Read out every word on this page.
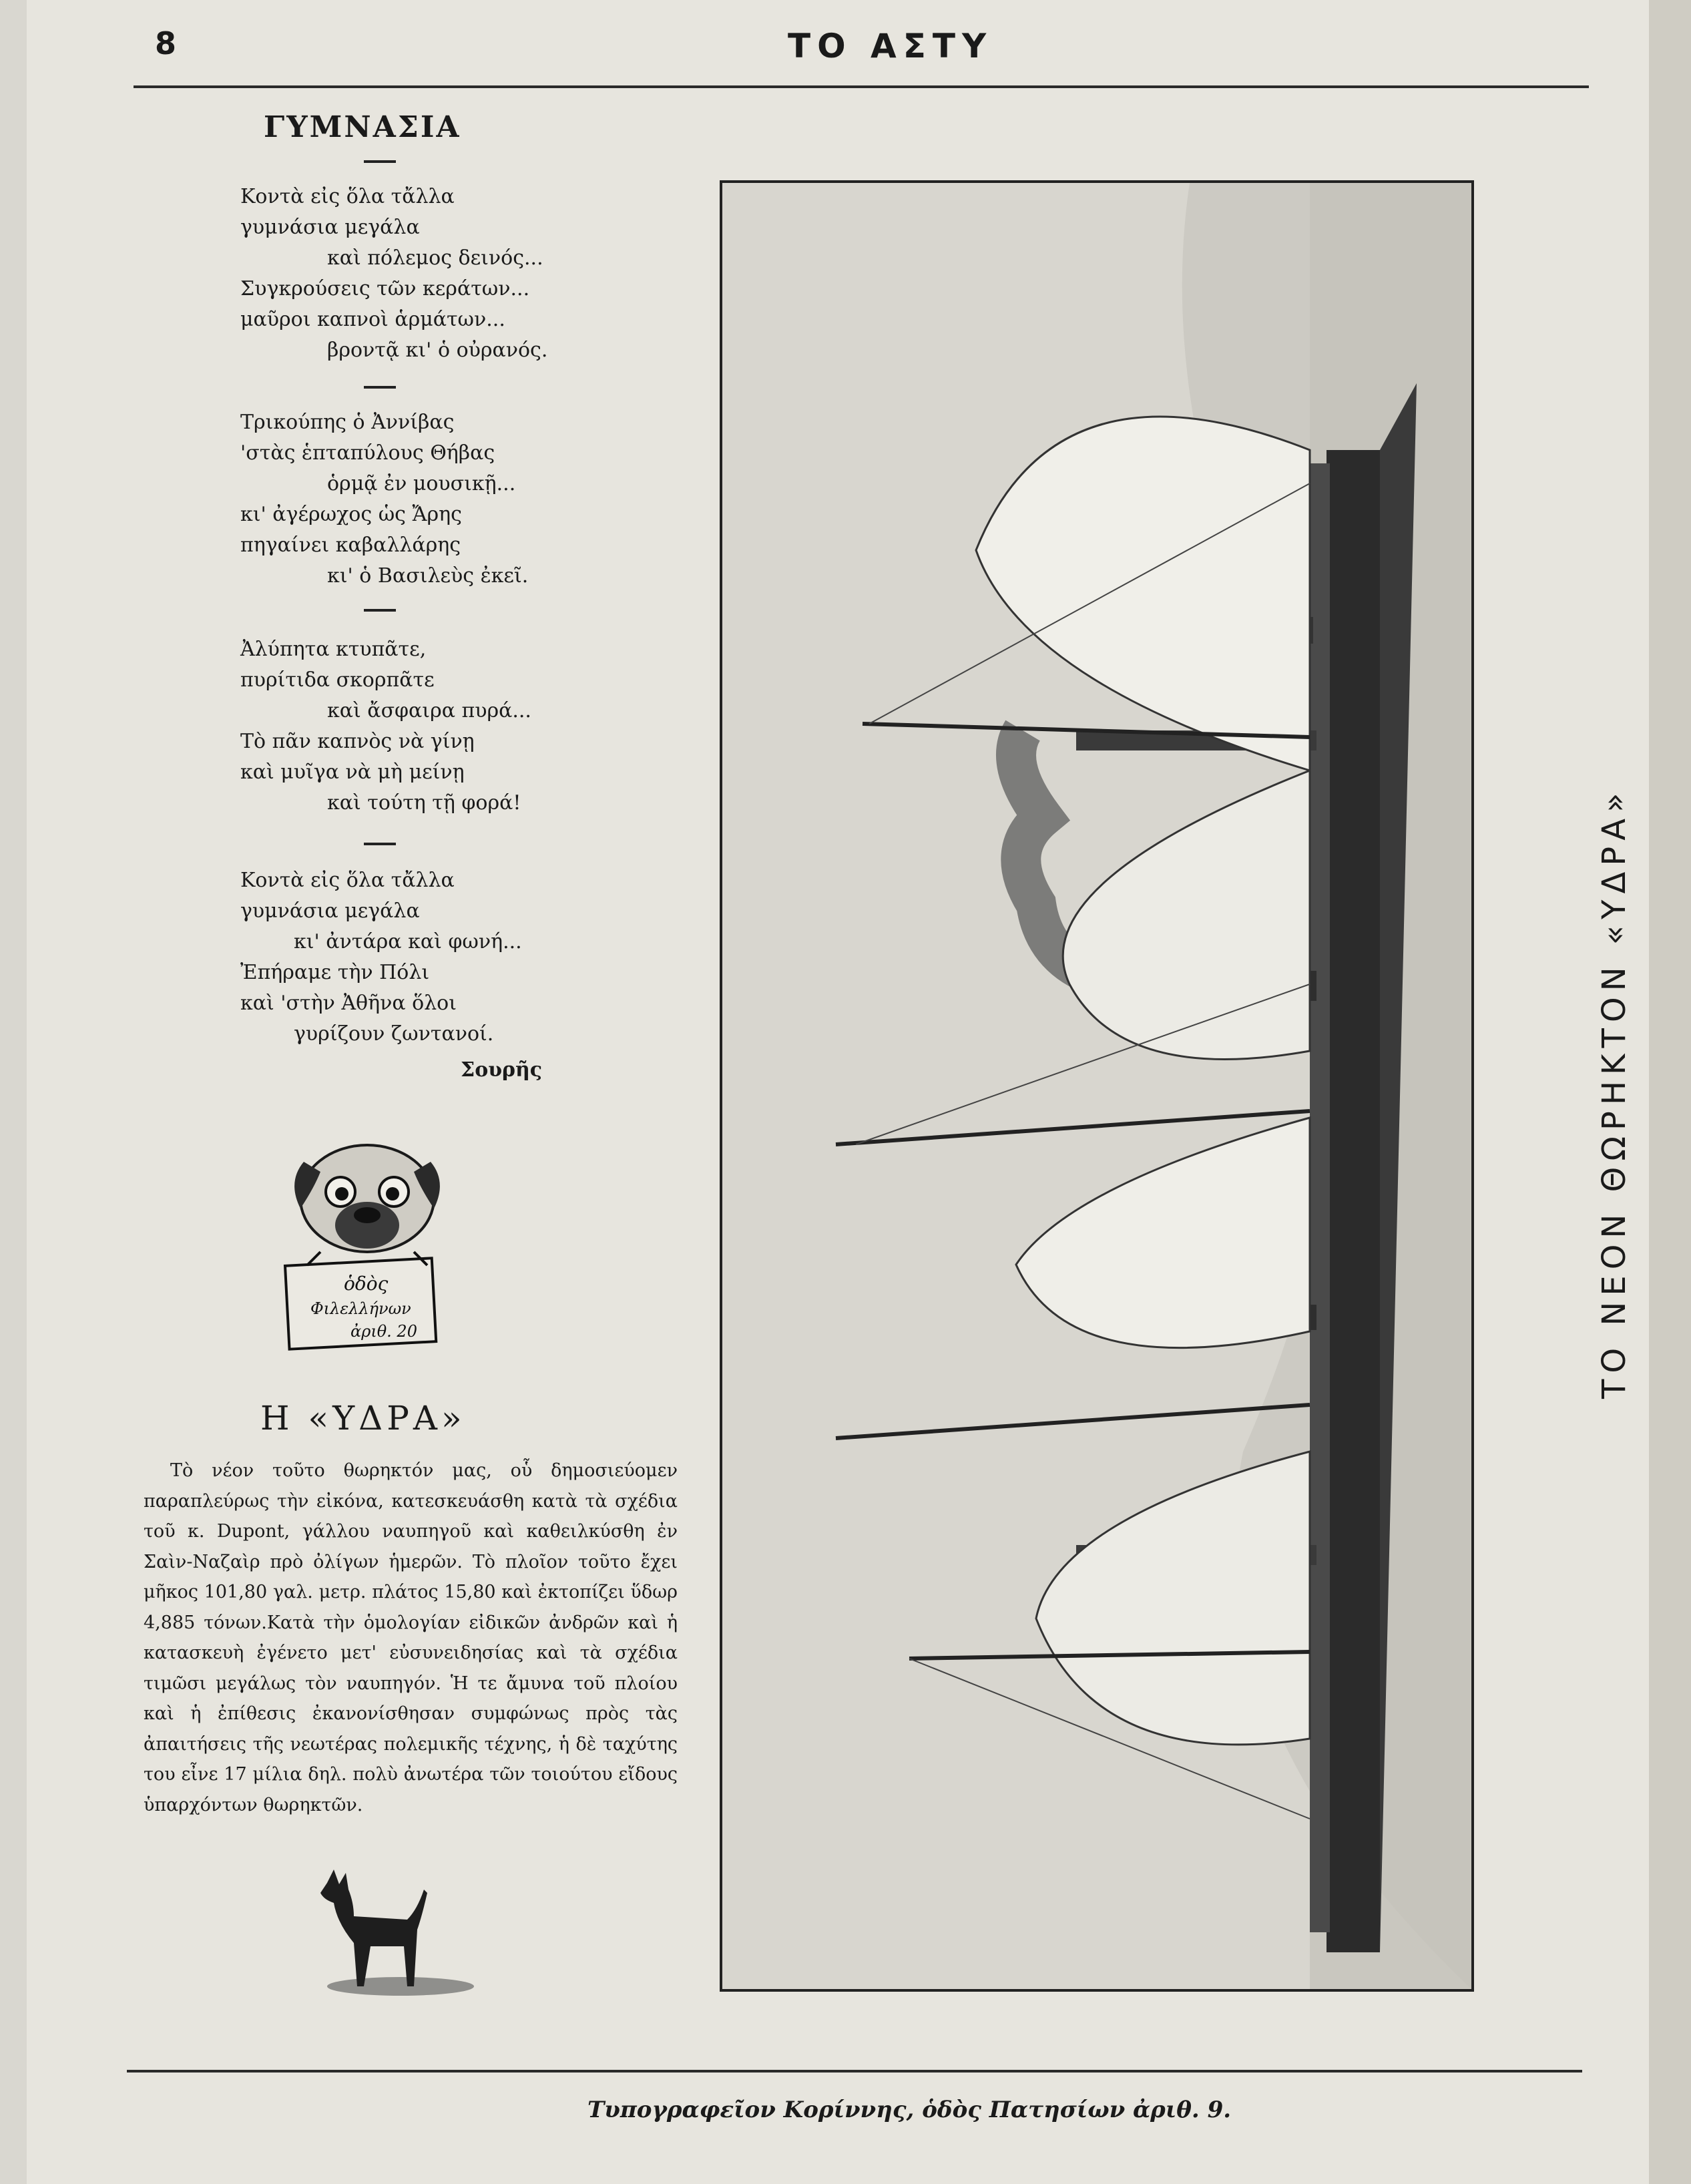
8	ΤΟ ΑΣΤΥ
ΓΥΜΝΑΣΙΑ
Κοντὰ εἰς ὅλα τἄλλα
γυμνάσια μεγάλα
καὶ πόλεμος δεινός...
Συγκρούσεις τῶν κεράτων...
μαῦροι καπνοὶ ἁρμάτων...
βροντᾷ κι' ὁ οὐρανός.
Τρικούπης ὁ Ἀννίβας
'στὰς ἑπταπύλους Θήβας
ὁρμᾷ ἐν μουσικῇ...
κι' ἀγέρωχος ὡς Ἄρης
πηγαίνει καβαλλάρης
κι' ὁ Βασιλεὺς ἐκεῖ.
Ἀλύπητα κτυπᾶτε,
πυρίτιδα σκορπᾶτε
καὶ ἄσφαιρα πυρά...
Τὸ πᾶν καπνὸς νὰ γίνῃ
καὶ μυῖγα νὰ μὴ μείνῃ
καὶ τούτη τῇ φορά!
Κοντὰ εἰς ὅλα τἄλλα
γυμνάσια μεγάλα
κι' ἀντάρα καὶ φωνή...
Ἐπήραμε τὴν Πόλι
καὶ 'στὴν Ἀθῆνα ὅλοι
γυρίζουν ζωντανοί.
Σουρῆς
ὁδὸς
Φιλελλήνων
ἀριθ. 20
Η «ΥΔΡΑ»

Τὸ νέον τοῦτο θωρηκτόν μας, οὗ δημοσιεύομεν παραπλεύρως τὴν εἰκόνα, κατεσκευάσθη κατὰ τὰ σχέδια τοῦ κ. Dupont, γάλλου ναυπηγοῦ καὶ καθειλκύσθη ἐν Σαὶν-Ναζαὶρ πρὸ ὀλίγων ἡμερῶν. Τὸ πλοῖον τοῦτο ἔχει μῆκος 101,80 γαλ. μετρ. πλάτος 15,80 καὶ ἐκτοπίζει ὕδωρ 4,885 τόνων.Κατὰ τὴν ὁμολογίαν εἰδικῶν ἀνδρῶν καὶ ἡ κατασκευὴ ἐγένετο μετ' εὐσυνειδησίας καὶ τὰ σχέδια τιμῶσι μεγάλως τὸν ναυπηγόν. Ἡ τε ἄμυνα τοῦ πλοίου καὶ ἡ ἐπίθεσις ἐκανονίσθησαν συμφώνως πρὸς τὰς ἀπαιτήσεις τῆς νεωτέρας πολεμικῆς τέχνης, ἡ δὲ ταχύτης του εἶνε 17 μίλια δηλ. πολὺ ἀνωτέρα τῶν τοιούτου εἴδους ὑπαρχόντων θωρηκτῶν.

ΤΟ ΝΕΟΝ ΘΩΡΗΚΤΟΝ «ΥΔΡΑ»
Τυπογραφεῖον Κορίννης, ὁδὸς Πατησίων ἀριθ. 9.
